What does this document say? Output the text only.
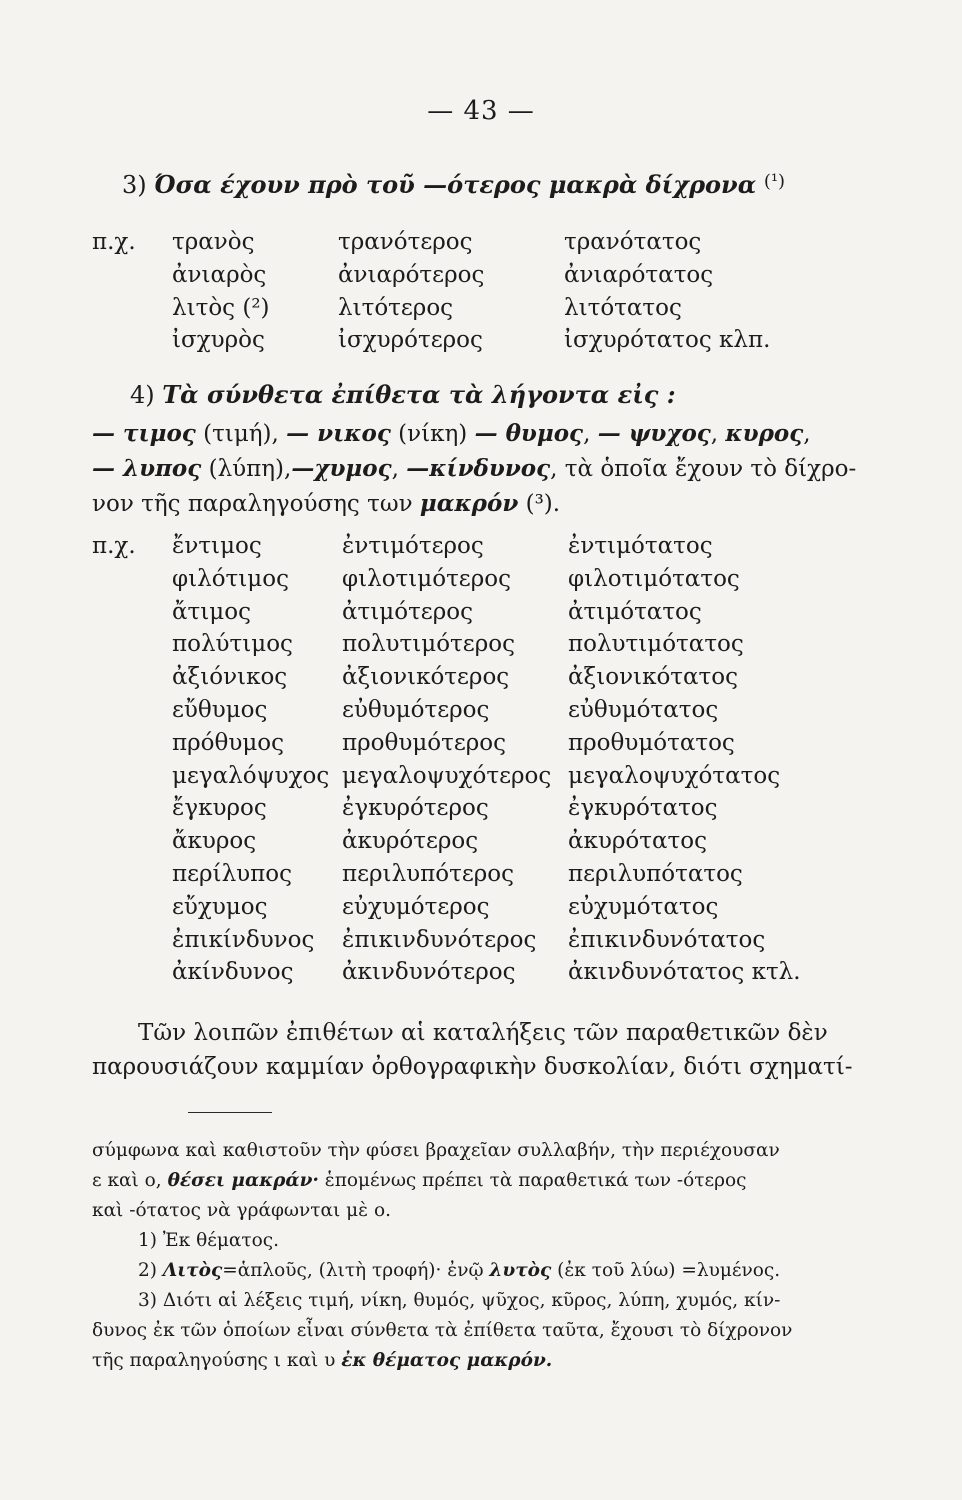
— 43 —
3) Όσα έχουν πρὸ τοῦ —ότερος μακρὰ δίχρονα $^{(^1)}$
π.χ. τρανὸς
ἀνιαρὸς
λιτὸς (²)
ἰσχυρὸς
τρανότερος
ἀνιαρότερος
λιτότερος
ἰσχυρότερος
τρανότατος
ἀνιαρότατος
λιτότατος
ἰσχυρότατος κλπ.
4) Τὰ σύνθετα ἐπίθετα τὰ λήγοντα εἰς :
— τιμος (τιμή), — νικος (νίκη) — θυμος, — ψυχος, κυρος,
— λυπος (λύπη),—χυμος, —κίνδυνος, τὰ ὁποῖα ἔχουν τὸ δίχρο-
νον τῆς παραληγούσης των μακρόν (³).
π.χ. ἔντιμος
φιλότιμος
ἄτιμος
πολύτιμος
ἀξιόνικος
εὔθυμος
πρόθυμος
μεγαλόψυχος
ἔγκυρος
ἄκυρος
περίλυπος
εὔχυμος
ἐπικίνδυνος
ἀκίνδυνος
ἐντιμότερος
φιλοτιμότερος
ἀτιμότερος
πολυτιμότερος
ἀξιονικότερος
εὐθυμότερος
προθυμότερος
μεγαλοψυχότερος
ἐγκυρότερος
ἀκυρότερος
περιλυπότερος
εὐχυμότερος
ἐπικινδυνότερος
ἀκινδυνότερος
ἐντιμότατος
φιλοτιμότατος
ἀτιμότατος
πολυτιμότατος
ἀξιονικότατος
εὐθυμότατος
προθυμότατος
μεγαλοψυχότατος
ἐγκυρότατος
ἀκυρότατος
περιλυπότατος
εὐχυμότατος
ἐπικινδυνότατος
ἀκινδυνότατος κτλ.
Τῶν λοιπῶν ἐπιθέτων αἱ καταλήξεις τῶν παραθετικῶν δὲν
παρουσιάζουν καμμίαν ὀρθογραφικὴν δυσκολίαν, διότι σχηματί-
σύμφωνα καὶ καθιστοῦν τὴν φύσει βραχεῖαν συλλαβήν, τὴν περιέχουσαν
ε καὶ ο, θέσει μακράν· ἑπομένως πρέπει τὰ παραθετικά των -ότερος
καὶ -ότατος νὰ γράφωνται μὲ ο.
1) Ἐκ θέματος.
2) Λιτὸς=ἁπλοῦς, (λιτὴ τροφή)· ἐνῷ λυτὸς (ἐκ τοῦ λύω) =λυμένος.
3) Διότι αἱ λέξεις τιμή, νίκη, θυμός, ψῦχος, κῦρος, λύπη, χυμός, κίν-
δυνος ἐκ τῶν ὁποίων εἶναι σύνθετα τὰ ἐπίθετα ταῦτα, ἔχουσι τὸ δίχρονον
τῆς παραληγούσης ι καὶ υ ἐκ θέματος μακρόν.
